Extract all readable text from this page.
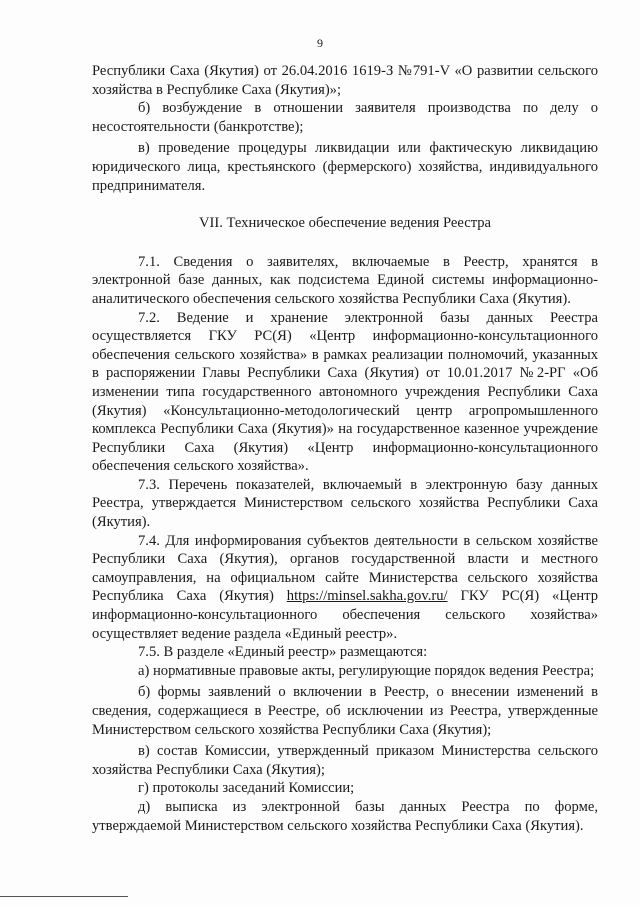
9

Республики Саха (Якутия) от 26.04.2016 1619-З №791-V «О развитии сельского хозяйства в Республике Саха (Якутия)»;

б) возбуждение в отношении заявителя производства по делу о несостоятельности (банкротстве);

в) проведение процедуры ликвидации или фактическую ликвидацию юридического лица, крестьянского (фермерского) хозяйства, индивидуального предпринимателя.

VII. Техническое обеспечение ведения Реестра

7.1. Сведения о заявителях, включаемые в Реестр, хранятся в электронной базе данных, как подсистема Единой системы информационно-аналитического обеспечения сельского хозяйства Республики Саха (Якутия).

7.2. Ведение и хранение электронной базы данных Реестра осуществляется ГКУ РС(Я) «Центр информационно-консультационного обеспечения сельского хозяйства» в рамках реализации полномочий, указанных в распоряжении Главы Республики Саха (Якутия) от 10.01.2017 №2-РГ «Об изменении типа государственного автономного учреждения Республики Саха (Якутия) «Консультационно-методологический центр агропромышленного комплекса Республики Саха (Якутия)» на государственное казенное учреждение Республики Саха (Якутия) «Центр информационно-консультационного обеспечения сельского хозяйства».

7.3. Перечень показателей, включаемый в электронную базу данных Реестра, утверждается Министерством сельского хозяйства Республики Саха (Якутия).

7.4. Для информирования субъектов деятельности в сельском хозяйстве Республики Саха (Якутия), органов государственной власти и местного самоуправления, на официальном сайте Министерства сельского хозяйства Республика Саха (Якутия) https://minsel.sakha.gov.ru/ ГКУ РС(Я) «Центр информационно-консультационного обеспечения сельского хозяйства» осуществляет ведение раздела «Единый реестр».

7.5. В разделе «Единый реестр» размещаются:

а) нормативные правовые акты, регулирующие порядок ведения Реестра;

б) формы заявлений о включении в Реестр, о внесении изменений в сведения, содержащиеся в Реестре, об исключении из Реестра, утвержденные Министерством сельского хозяйства Республики Саха (Якутия);

в) состав Комиссии, утвержденный приказом Министерства сельского хозяйства Республики Саха (Якутия);

г) протоколы заседаний Комиссии;

д) выписка из электронной базы данных Реестра по форме, утверждаемой Министерством сельского хозяйства Республики Саха (Якутия).
